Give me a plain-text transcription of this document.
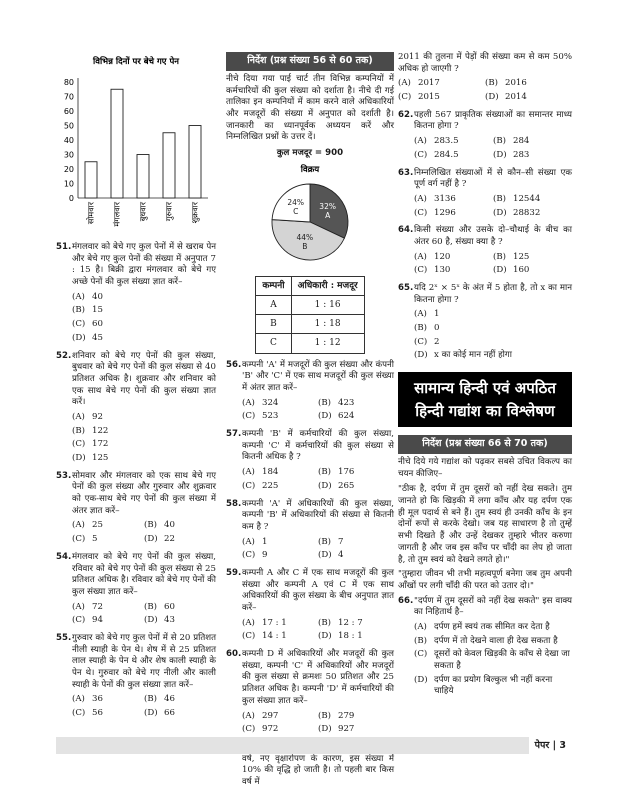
विभिन्न दिनों पर बेचे गए पेन
80
70
60
50
40
30
20
10
0
सोमवार मंगलवार बुधवार गुरुवार शुक्रवार
51. मंगलवार को बेचे गए कुल पेनों में से खराब पेन और बेचे गए कुल पेनों की संख्या में अनुपात 7 : 15 है। बिक्री द्वारा मंगलवार को बेचे गए अच्छे पेनों की कुल संख्या ज्ञात करें–
(A) 40
(B) 15
(C) 60
(D) 45
52. शनिवार को बेचे गए पेनों की कुल संख्या, बुधवार को बेचे गए पेनों की कुल संख्या से 40 प्रतिशत अधिक है। शुक्रवार और शनिवार को एक साथ बेचे गए पेनों की कुल संख्या ज्ञात करें।
(A) 92
(B) 122
(C) 172
(D) 125
53. सोमवार और मंगलवार को एक साथ बेचे गए पेनों की कुल संख्या और गुरुवार और शुक्रवार को एक-साथ बेचे गए पेनों की कुल संख्या में अंतर ज्ञात करें–
(A) 25	(B) 40
(C) 5	(D) 22
54. मंगलवार को बेचे गए पेनों की कुल संख्या, रविवार को बेचे गए पेनों की कुल संख्या से 25 प्रतिशत अधिक है। रविवार को बेचे गए पेनों की कुल संख्या ज्ञात करें–
(A) 72	(B) 60
(C) 94	(D) 43
55. गुरुवार को बेचे गए कुल पेनों में से 20 प्रतिशत नीली स्याही के पेन थे। शेष में से 25 प्रतिशत लाल स्याही के पेन थे और शेष काली स्याही के पेन थे। गुरुवार को बेचे गए नीली और काली स्याही के पेनों की कुल संख्या ज्ञात करें–
(A) 36	(B) 46
(C) 56	(D) 66
निर्देश (प्रश्न संख्या 56 से 60 तक)
नीचे दिया गया पाई चार्ट तीन विभिन्न कम्पनियों में कर्मचारियों की कुल संख्या को दर्शाता है। नीचे दी गई तालिका इन कम्पनियों में काम करने वाले अधिकारियों और मजदूरों की संख्या में अनुपात को दर्शाती है। जानकारी का ध्यानपूर्वक अध्ययन करें और निम्नलिखित प्रश्नों के उत्तर दें।
कुल मजदूर = 900
विक्रय
32%
A
44%
B
24%
C
कम्पनी	अधिकारी : मजदूर
A	1 : 16
B	1 : 18
C	1 : 12
56. कम्पनी 'A' में मजदूरों की कुल संख्या और कंपनी 'B' और 'C' में एक साथ मजदूरों की कुल संख्या में अंतर ज्ञात करें–
(A) 324	(B) 423
(C) 523	(D) 624
57. कम्पनी 'B' में कर्मचारियों की कुल संख्या, कम्पनी 'C' में कर्मचारियों की कुल संख्या से कितनी अधिक है ?
(A) 184	(B) 176
(C) 225	(D) 265
58. कम्पनी 'A' में अधिकारियों की कुल संख्या, कम्पनी 'B' में अधिकारियों की संख्या से कितनी कम है ?
(A) 1	(B) 7
(C) 9	(D) 4
59. कम्पनी A और C में एक साथ मजदूरों की कुल संख्या और कम्पनी A एवं C में एक साथ अधिकारियों की कुल संख्या के बीच अनुपात ज्ञात करें–
(A) 17 : 1	(B) 12 : 7
(C) 14 : 1	(D) 18 : 1
60. कम्पनी D में अधिकारियों और मजदूरों की कुल संख्या, कम्पनी 'C' में अधिकारियों और मजदूरों की कुल संख्या से क्रमशः 50 प्रतिशत और 25 प्रतिशत अधिक है। कम्पनी 'D' में कर्मचारियों की कुल संख्या ज्ञात करें–
(A) 297	(B) 279
(C) 972	(D) 927
वर्ष, नए वृक्षारोपण के कारण, इस संख्या में 10% की वृद्धि हो जाती है। तो पहली बार किस वर्ष में
2011 की तुलना में पेड़ों की संख्या कम से कम 50% अधिक हो जाएगी ?
(A) 2017	(B) 2016
(C) 2015	(D) 2014
62. पहली 567 प्राकृतिक संख्याओं का समान्तर माध्य कितना होगा ?
(A) 283.5	(B) 284
(C) 284.5	(D) 283
63. निम्नलिखित संख्याओं में से कौन–सी संख्या एक पूर्ण वर्ग नहीं है ?
(A) 3136	(B) 12544
(C) 1296	(D) 28832
64. किसी संख्या और उसके दो–चौथाई के बीच का अंतर 60 है, संख्या क्या है ?
(A) 120	(B) 125
(C) 130	(D) 160
65. यदि 2ˣ × 5ˣ के अंत में 5 होता है, तो x का मान कितना होगा ?
(A) 1
(B) 0
(C) 2
(D) x का कोई मान नहीं होगा
सामान्य हिन्दी एवं अपठित
हिन्दी गद्यांश का विश्लेषण
निर्देश (प्रश्न संख्या 66 से 70 तक)
नीचे दिये गये गद्यांश को पढ़कर सबसे उचित विकल्प का चयन कीजिए–
"ठीक है, दर्पण में तुम दूसरों को नहीं देख सकते। तुम जानते हो कि खिड़की में लगा काँच और यह दर्पण एक ही मूल पदार्थ से बने हैं। तुम स्वयं ही उनकी काँच के इन दोनों रूपों से करके देखो। जब यह साधारण है तो तुम्हें सभी दिखते हैं और उन्हें देखकर तुम्हारे भीतर करुणा जागती है और जब इस काँच पर चाँदी का लेप हो जाता है, तो तुम स्वयं को देखने लगते हो।"
"तुम्हारा जीवन भी तभी महत्वपूर्ण बनेगा जब तुम अपनी आँखों पर लगी चाँदी की परत को उतार दो।"
66. "दर्पण में तुम दूसरों को नहीं देख सकते" इस वाक्य का निहितार्थ है–
(A) दर्पण हमें स्वयं तक सीमित कर देता है
(B) दर्पण में तो देखने वाला ही देख सकता है
(C) दूसरों को केवल खिड़की के काँच से देखा जा सकता है
(D) दर्पण का प्रयोग बिल्कुल भी नहीं करना चाहिये
पेपर | 3
